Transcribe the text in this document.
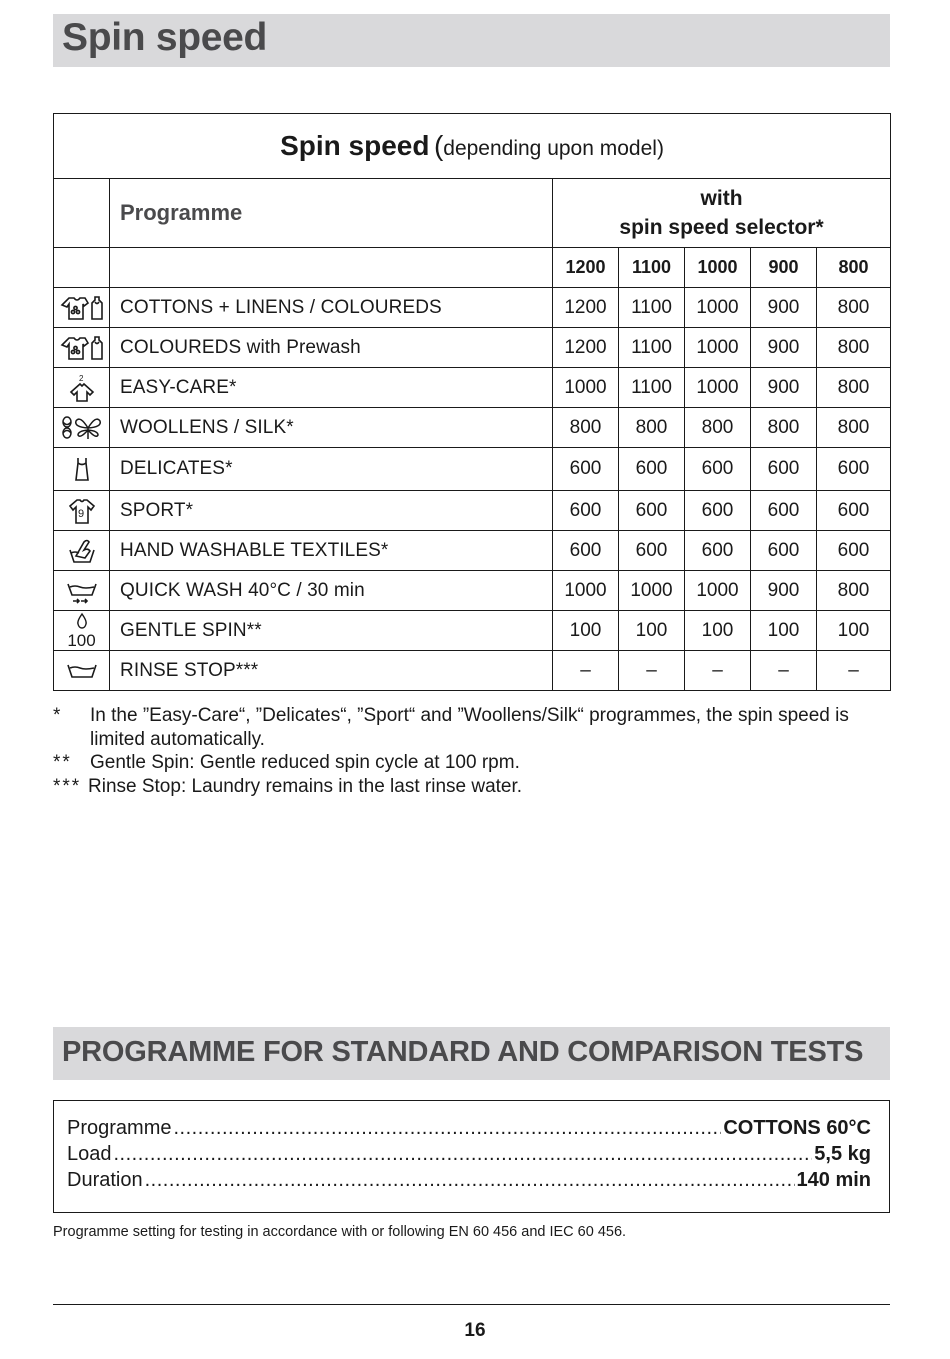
Spin speed
Spin speed (depending upon model)						
	Programme	with
spin speed selector*				

		1200	1100	1000	900	800

	COTTONS + LINENS / COLOUREDS	1200	1100	1000	900	800

	COLOUREDS with Prewash	1200	1100	1000	900	800

2	EASY-CARE*	1000	1100	1000	900	800

	WOOLLENS / SILK*	800	800	800	800	800

	DELICATES*	600	600	600	600	600

9	SPORT*	600	600	600	600	600

	HAND WASHABLE TEXTILES*	600	600	600	600	600

	QUICK WASH 40°C / 30 min	1000	1000	1000	900	800

100	GENTLE SPIN**	100	100	100	100	100

	RINSE STOP***	–	–	–	–	–
*	In the ”Easy-Care“, ”Delicates“, ”Sport“ and ”Woollens/Silk“ programmes, the spin speed is limited automatically.
** Gentle Spin: Gentle reduced spin cycle at 100 rpm.
*** Rinse Stop: Laundry remains in the last rinse water.
PROGRAMME FOR STANDARD AND COMPARISON TESTS
Programme .....	COTTONS 60°C
Load .....	5,5 kg
Duration .....	140 min
Programme setting for testing in accordance with or following EN 60 456 and IEC 60 456.
16
